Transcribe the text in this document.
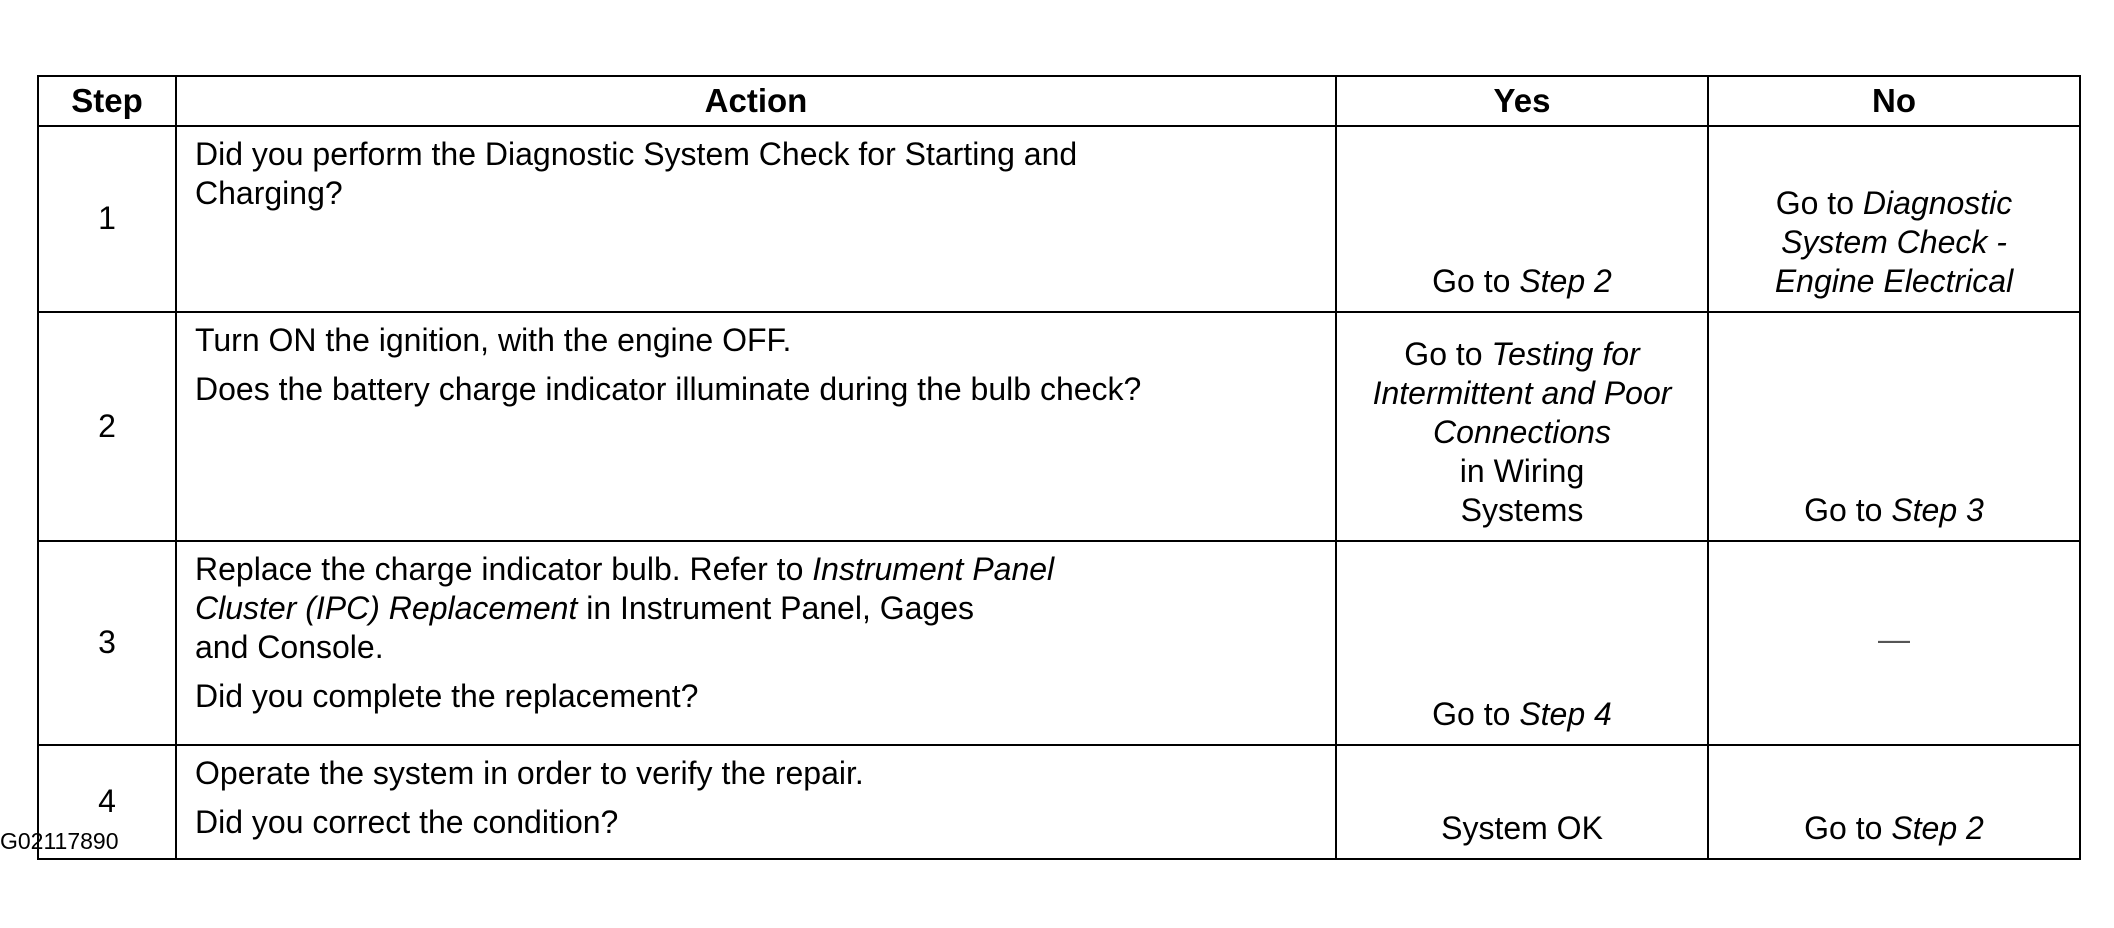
Step	Action	Yes	No
1	Did you perform the Diagnostic System Check for Starting and Charging?	Go to Step 2	Go to Diagnostic
System Check -
Engine Electrical

2	Turn ON the ignition, with the engine OFF.
Does the battery charge indicator illuminate during the bulb check?	Go to Testing for
Intermittent and Poor
Connections
in Wiring
Systems	Go to Step 3
3	Replace the charge indicator bulb. Refer to Instrument Panel
Cluster (IPC) Replacement in Instrument Panel, Gages
and Console.
Did you complete the replacement?	Go to Step 4	—
4	Operate the system in order to verify the repair.
Did you correct the condition?	System OK	Go to Step 2
G02117890
